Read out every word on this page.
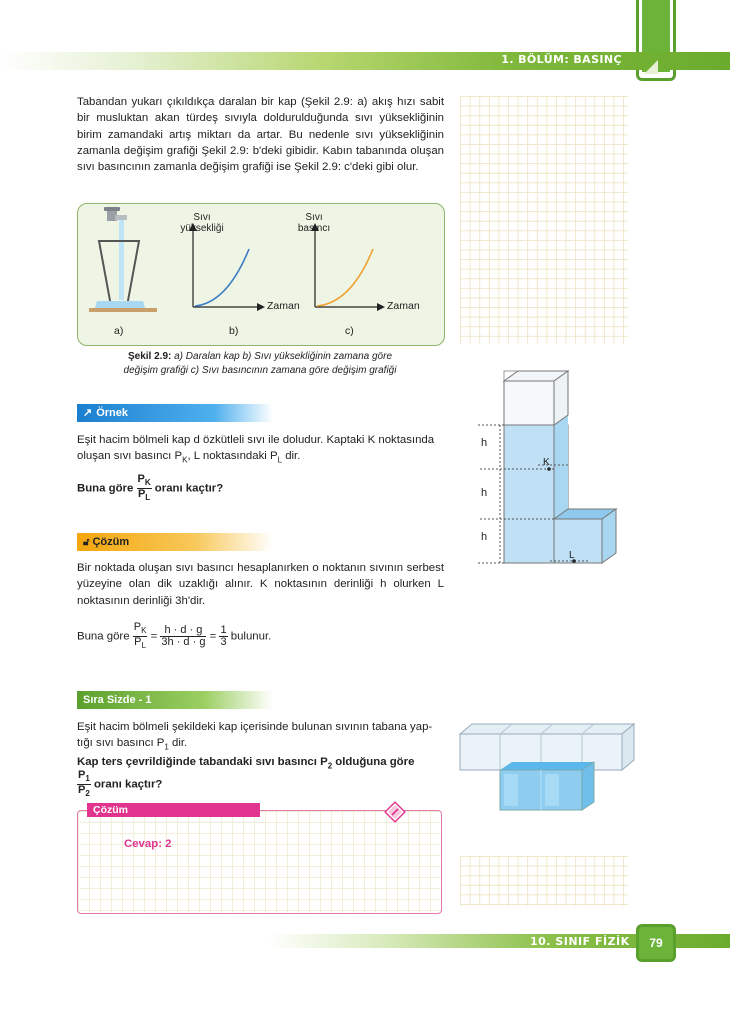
1. BÖLÜM: BASINÇ
Tabandan yukarı çıkıldıkça daralan bir kap (Şekil 2.9: a) akış hızı sabit bir musluktan akan türdeş sıvıyla doldurulduğunda sıvı yüksekliğinin birim zamandaki artış miktarı da artar. Bu nedenle sıvı yüksekliğinin zamanla değişim grafiği Şekil 2.9: b'deki gibidir. Kabın tabanında oluşan sıvı basıncının zamanla değişim grafiği ise Şekil 2.9: c'deki gibi olur.
Sıvı
yüksekliği
Zaman
Sıvı
basıncı
Zaman
a)	b)	c)
Şekil 2.9: a) Daralan kap b) Sıvı yüksekliğinin zamana göre
değişim grafiği c) Sıvı basıncının zamana göre değişim grafiği
↗ Örnek
Eşit hacim bölmeli kap d özkütleli sıvı ile doludur. Kaptaki K noktasında
oluşan sıvı basıncı $P_K$, L noktasındaki $P_L$ dir.
Buna göre $\frac{P_K}{P_L}$ oranı kaçtır?
h
h
h
K
L
🔓︎ Çözüm
Bir noktada oluşan sıvı basıncı hesaplanırken o noktanın sıvının serbest yüzeyine olan dik uzaklığı alınır. K noktasının derinliği h olurken L noktasının derinliği 3h'dir.
Buna göre $\frac{P_K}{P_L} = \frac{h \cdot d \cdot g}{3h \cdot d \cdot g} = \frac{1}{3}$ bulunur.
Sıra Sizde - 1
Eşit hacim bölmeli şekildeki kap içerisinde bulunan sıvının tabana yap-
tığı sıvı basıncı $P_1$ dir.
Kap ters çevrildiğinde tabandaki sıvı basıncı $P_2$ olduğuna göre
$\frac{P_1}{P_2}$ oranı kaçtır?
Çözüm
Cevap: 2
10. SINIF FİZİK	79
